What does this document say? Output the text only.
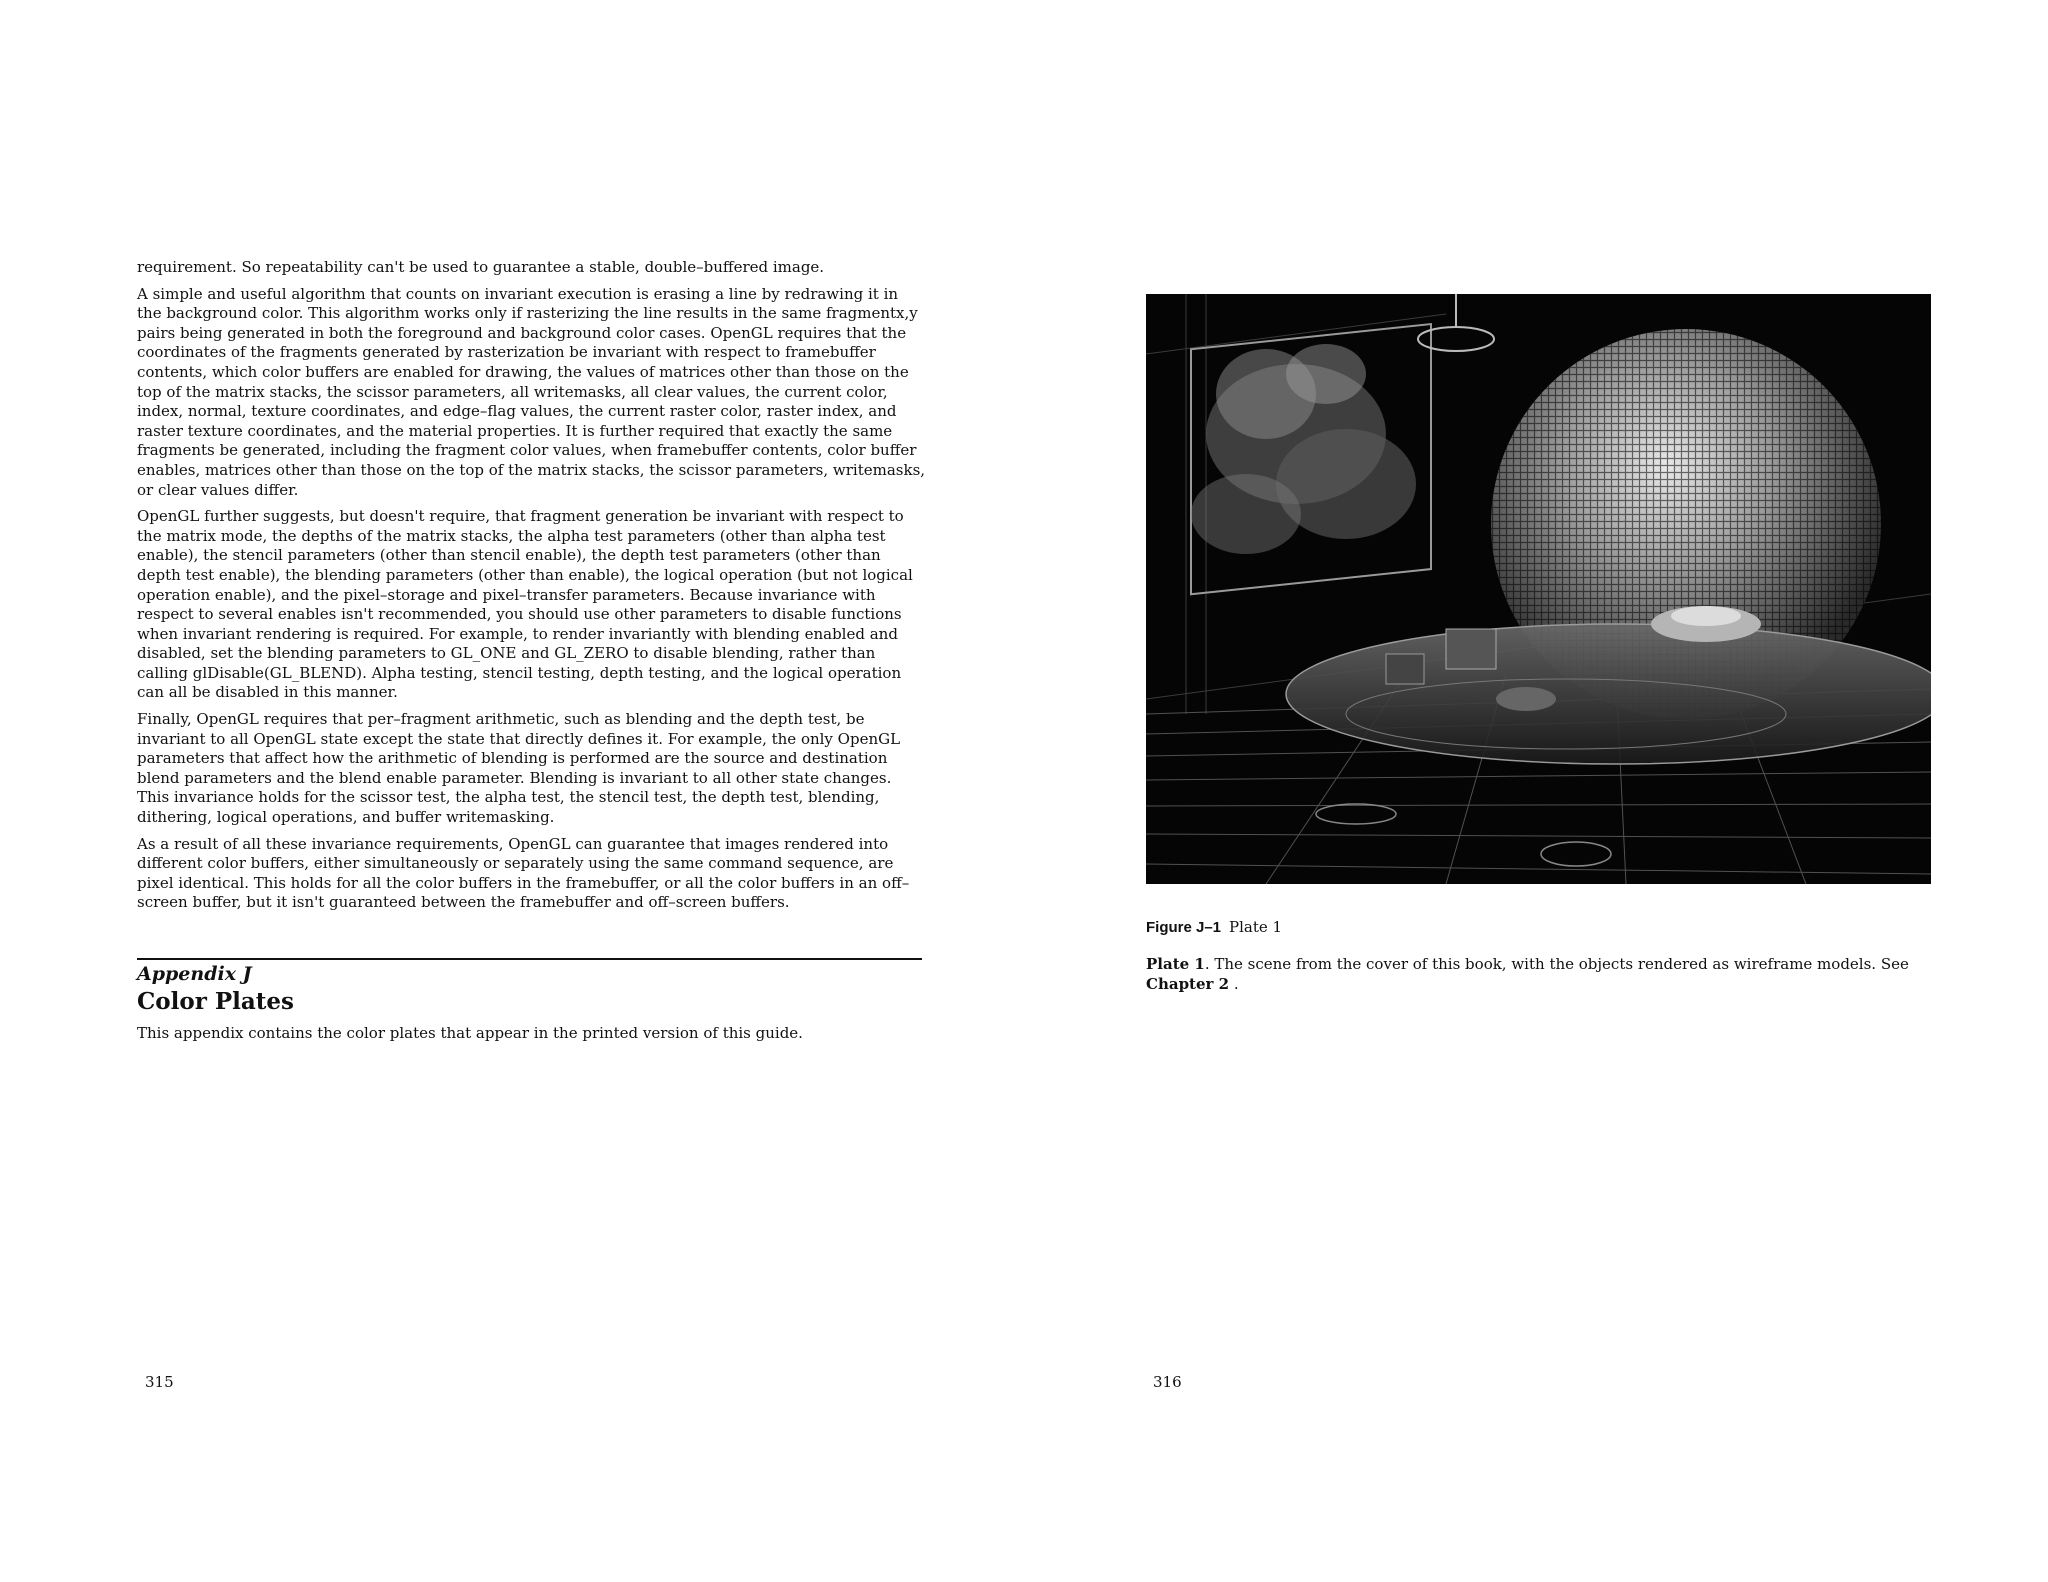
requirement. So repeatability can't be used to guarantee a stable, double–buffered image.

A simple and useful algorithm that counts on invariant execution is erasing a line by redrawing it in the background color. This algorithm works only if rasterizing the line results in the same fragmentx,y pairs being generated in both the foreground and background color cases. OpenGL requires that the coordinates of the fragments generated by rasterization be invariant with respect to framebuffer contents, which color buffers are enabled for drawing, the values of matrices other than those on the top of the matrix stacks, the scissor parameters, all writemasks, all clear values, the current color, index, normal, texture coordinates, and edge–flag values, the current raster color, raster index, and raster texture coordinates, and the material properties. It is further required that exactly the same fragments be generated, including the fragment color values, when framebuffer contents, color buffer enables, matrices other than those on the top of the matrix stacks, the scissor parameters, writemasks, or clear values differ.

OpenGL further suggests, but doesn't require, that fragment generation be invariant with respect to the matrix mode, the depths of the matrix stacks, the alpha test parameters (other than alpha test enable), the stencil parameters (other than stencil enable), the depth test parameters (other than depth test enable), the blending parameters (other than enable), the logical operation (but not logical operation enable), and the pixel–storage and pixel–transfer parameters. Because invariance with respect to several enables isn't recommended, you should use other parameters to disable functions when invariant rendering is required. For example, to render invariantly with blending enabled and disabled, set the blending parameters to GL_ONE and GL_ZERO to disable blending, rather than calling glDisable(GL_BLEND). Alpha testing, stencil testing, depth testing, and the logical operation can all be disabled in this manner.

Finally, OpenGL requires that per–fragment arithmetic, such as blending and the depth test, be invariant to all OpenGL state except the state that directly defines it. For example, the only OpenGL parameters that affect how the arithmetic of blending is performed are the source and destination blend parameters and the blend enable parameter. Blending is invariant to all other state changes. This invariance holds for the scissor test, the alpha test, the stencil test, the depth test, blending, dithering, logical operations, and buffer writemasking.

As a result of all these invariance requirements, OpenGL can guarantee that images rendered into different color buffers, either simultaneously or separately using the same command sequence, are pixel identical. This holds for all the color buffers in the framebuffer, or all the color buffers in an off–screen buffer, but it isn't guaranteed between the framebuffer and off–screen buffers.

Appendix J
Color Plates
This appendix contains the color plates that appear in the printed version of this guide.
315
Figure J–1 Plate 1
Plate 1. The scene from the cover of this book, with the objects rendered as wireframe models. See
Chapter 2 .
316
